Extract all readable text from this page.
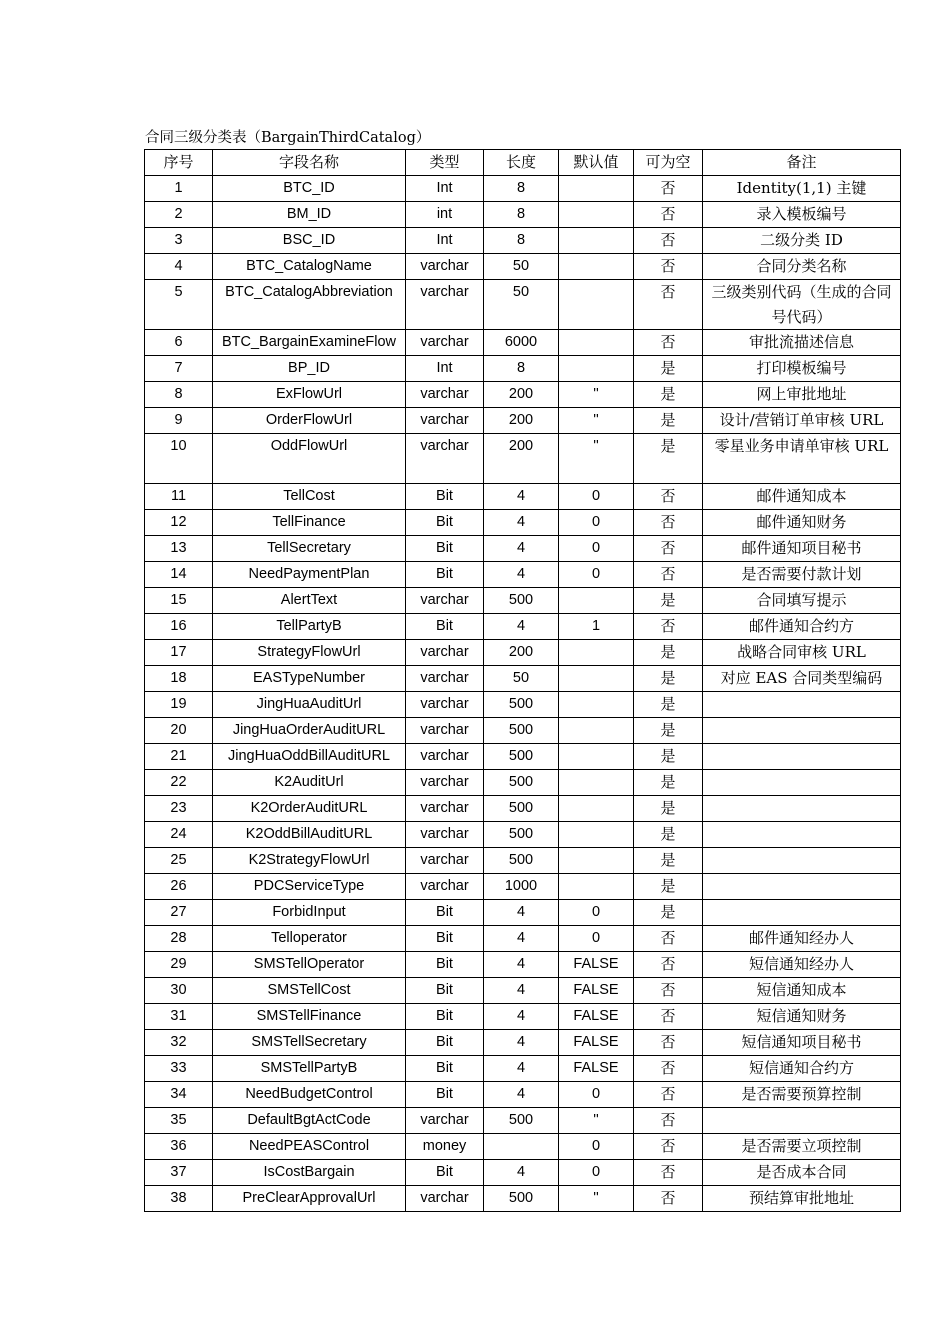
合同三级分类表（BargainThirdCatalog）
序号	字段名称	类型	长度	默认值	可为空	备注
1	BTC_ID	Int	8		否	Identity(1,1) 主键
2	BM_ID	int	8		否	录入模板编号
3	BSC_ID	Int	8		否	二级分类 ID
4	BTC_CatalogName	varchar	50		否	合同分类名称
5	BTC_CatalogAbbreviation	varchar	50		否	三级类别代码（生成的合同号代码）
6	BTC_BargainExamineFlow	varchar	6000		否	审批流描述信息
7	BP_ID	Int	8		是	打印模板编号
8	ExFlowUrl	varchar	200	''	是	网上审批地址
9	OrderFlowUrl	varchar	200	''	是	设计/营销订单审核 URL
10	OddFlowUrl	varchar	200	''	是	零星业务申请单审核 URL
11	TellCost	Bit	4	0	否	邮件通知成本
12	TellFinance	Bit	4	0	否	邮件通知财务
13	TellSecretary	Bit	4	0	否	邮件通知项目秘书
14	NeedPaymentPlan	Bit	4	0	否	是否需要付款计划
15	AlertText	varchar	500		是	合同填写提示
16	TellPartyB	Bit	4	1	否	邮件通知合约方
17	StrategyFlowUrl	varchar	200		是	战略合同审核 URL
18	EASTypeNumber	varchar	50		是	对应 EAS 合同类型编码
19	JingHuaAuditUrl	varchar	500		是	
20	JingHuaOrderAuditURL	varchar	500		是	
21	JingHuaOddBillAuditURL	varchar	500		是	
22	K2AuditUrl	varchar	500		是	
23	K2OrderAuditURL	varchar	500		是	
24	K2OddBillAuditURL	varchar	500		是	
25	K2StrategyFlowUrl	varchar	500		是	
26	PDCServiceType	varchar	1000		是	
27	ForbidInput	Bit	4	0	是	
28	Telloperator	Bit	4	0	否	邮件通知经办人
29	SMSTellOperator	Bit	4	FALSE	否	短信通知经办人
30	SMSTellCost	Bit	4	FALSE	否	短信通知成本
31	SMSTellFinance	Bit	4	FALSE	否	短信通知财务
32	SMSTellSecretary	Bit	4	FALSE	否	短信通知项目秘书
33	SMSTellPartyB	Bit	4	FALSE	否	短信通知合约方
34	NeedBudgetControl	Bit	4	0	否	是否需要预算控制
35	DefaultBgtActCode	varchar	500	''	否	
36	NeedPEASControl	money		0	否	是否需要立项控制
37	IsCostBargain	Bit	4	0	否	是否成本合同
38	PreClearApprovalUrl	varchar	500	''	否	预结算审批地址
